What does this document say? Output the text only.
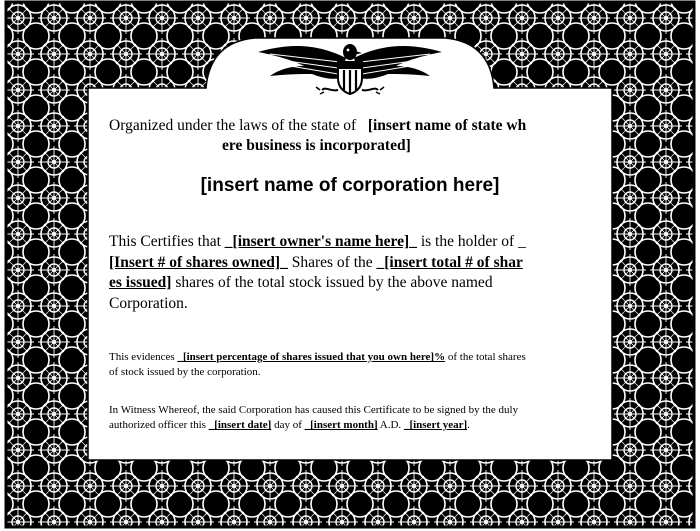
Organized under the laws of the state of [insert name of state wh
ere business is incorporated]
[insert name of corporation here]
This Certifies that _[insert owner's name here]_ is the holder of _
[Insert # of shares owned]_ Shares of the _[insert total # of shar
es issued] shares of the total stock issued by the above named
Corporation.
This evidences _[insert percentage of shares issued that you own here]% of the total shares
of stock issued by the corporation.
In Witness Whereof, the said Corporation has caused this Certificate to be signed by the duly
authorized officer this _[insert date] day of _[insert month] A.D. _[insert year].
